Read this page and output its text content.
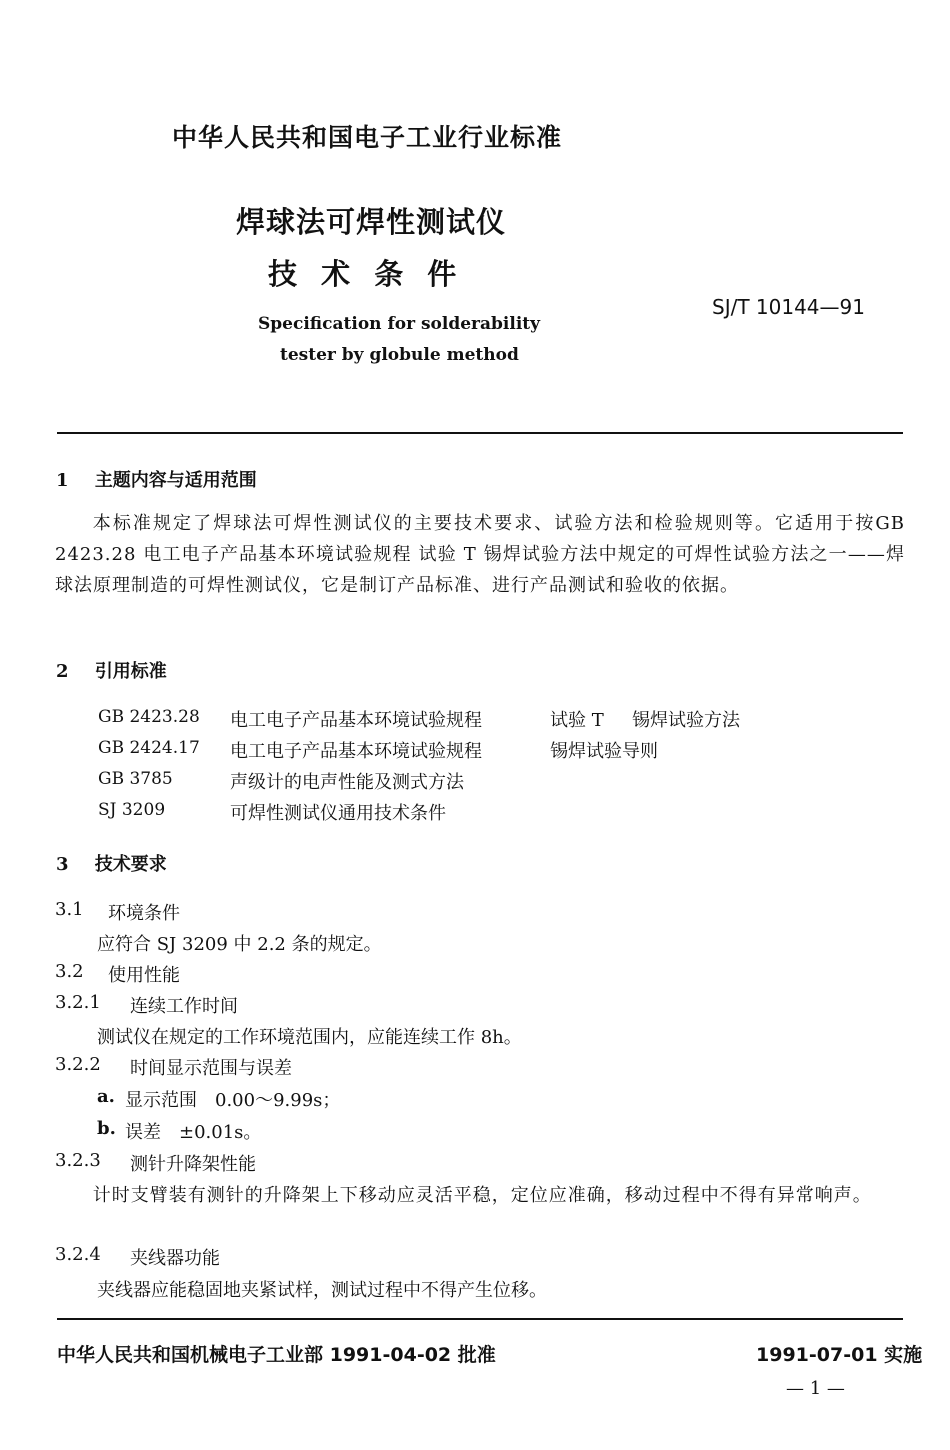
中华人民共和国电子工业行业标准
焊球法可焊性测试仪
技 术 条 件
Specification for solderability
tester by globule method
SJ/T 10144—91
1 主题内容与适用范围
本标准规定了焊球法可焊性测试仪的主要技术要求、试验方法和检验规则等。它适用于按GB 2423.28 电工电子产品基本环境试验规程 试验 T 锡焊试验方法中规定的可焊性试验方法之一——焊球法原理制造的可焊性测试仪，它是制订产品标准、进行产品测试和验收的依据。
2 引用标准
GB 2423.28 电工电子产品基本环境试验规程	试验 T 锡焊试验方法
GB 2424.17 电工电子产品基本环境试验规程	锡焊试验导则
GB 3785	声级计的电声性能及测式方法
SJ 3209	可焊性测试仪通用技术条件
3 技术要求
3.1 环境条件
应符合 SJ 3209 中 2.2 条的规定。
3.2 使用性能
3.2.1 连续工作时间
测试仪在规定的工作环境范围内，应能连续工作 8h。
3.2.2 时间显示范围与误差
a. 显示范围　0.00～9.99s；
b. 误差　±0.01s。
3.2.3 测针升降架性能
计时支臂装有测针的升降架上下移动应灵活平稳，定位应准确，移动过程中不得有异常响声。
3.2.4 夹线器功能
夹线器应能稳固地夹紧试样，测试过程中不得产生位移。
中华人民共和国机械电子工业部 1991-04-02 批准	1991-07-01 实施
— 1 —
